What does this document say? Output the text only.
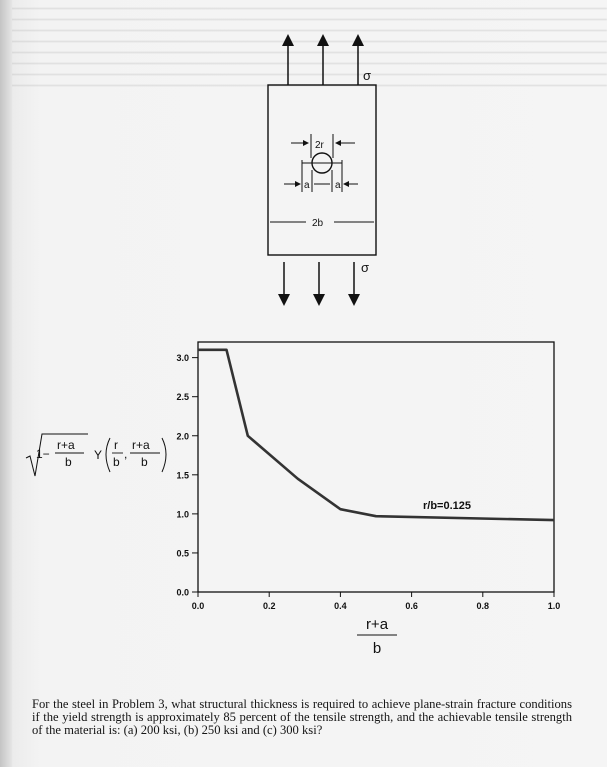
σ
2r
a	a
2b
σ
0.0
0.5
1.0
1.5
2.0
2.5
3.0
0.0	0.2	0.4	0.6	0.8	1.0
r/b=0.125
1−
r+a
b Y
r
b
,
r+a
b
r+a
b

For the steel in Problem 3, what structural thickness is required to achieve plane-strain fracture conditions if the yield strength is approximately 85 percent of the tensile strength, and the achievable tensile strength of the material is: (a) 200 ksi, (b) 250 ksi and (c) 300 ksi?
